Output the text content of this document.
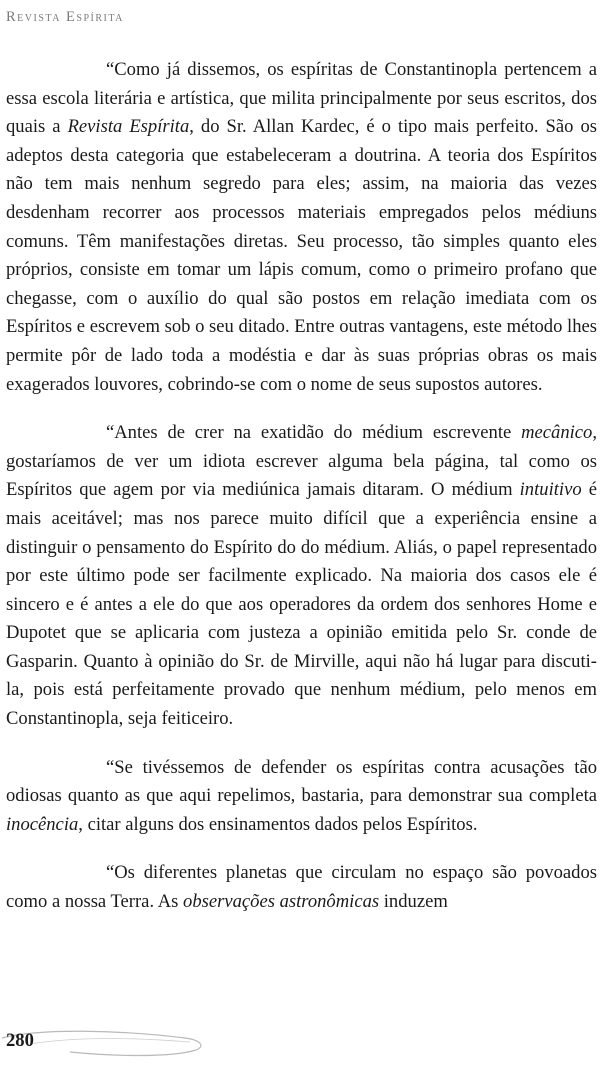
Revista Espírita

“Como já dissemos, os espíritas de Constantinopla pertencem a essa escola literária e artística, que milita principalmente por seus escritos, dos quais a Revista Espírita, do Sr. Allan Kardec, é o tipo mais perfeito. São os adeptos desta categoria que estabeleceram a doutrina. A teoria dos Espíritos não tem mais nenhum segredo para eles; assim, na maioria das vezes desdenham recorrer aos processos materiais empregados pelos médiuns comuns. Têm manifestações diretas. Seu processo, tão simples quanto eles próprios, consiste em tomar um lápis comum, como o primeiro profano que chegasse, com o auxílio do qual são postos em relação imediata com os Espíritos e escrevem sob o seu ditado. Entre outras vantagens, este método lhes permite pôr de lado toda a modéstia e dar às suas próprias obras os mais exagerados louvores, cobrindo-se com o nome de seus supostos autores.

“Antes de crer na exatidão do médium escrevente mecânico, gostaríamos de ver um idiota escrever alguma bela página, tal como os Espíritos que agem por via mediúnica jamais ditaram. O médium intuitivo é mais aceitável; mas nos parece muito difícil que a experiência ensine a distinguir o pensamento do Espírito do do médium. Aliás, o papel representado por este último pode ser facilmente explicado. Na maioria dos casos ele é sincero e é antes a ele do que aos operadores da ordem dos senhores Home e Dupotet que se aplicaria com justeza a opinião emitida pelo Sr. conde de Gasparin. Quanto à opinião do Sr. de Mirville, aqui não há lugar para discuti-la, pois está perfeitamente provado que nenhum médium, pelo menos em Constantinopla, seja feiticeiro.

“Se tivéssemos de defender os espíritas contra acusações tão odiosas quanto as que aqui repelimos, bastaria, para demonstrar sua completa inocência, citar alguns dos ensinamentos dados pelos Espíritos.

“Os diferentes planetas que circulam no espaço são povoados como a nossa Terra. As observações astronômicas induzem

280
